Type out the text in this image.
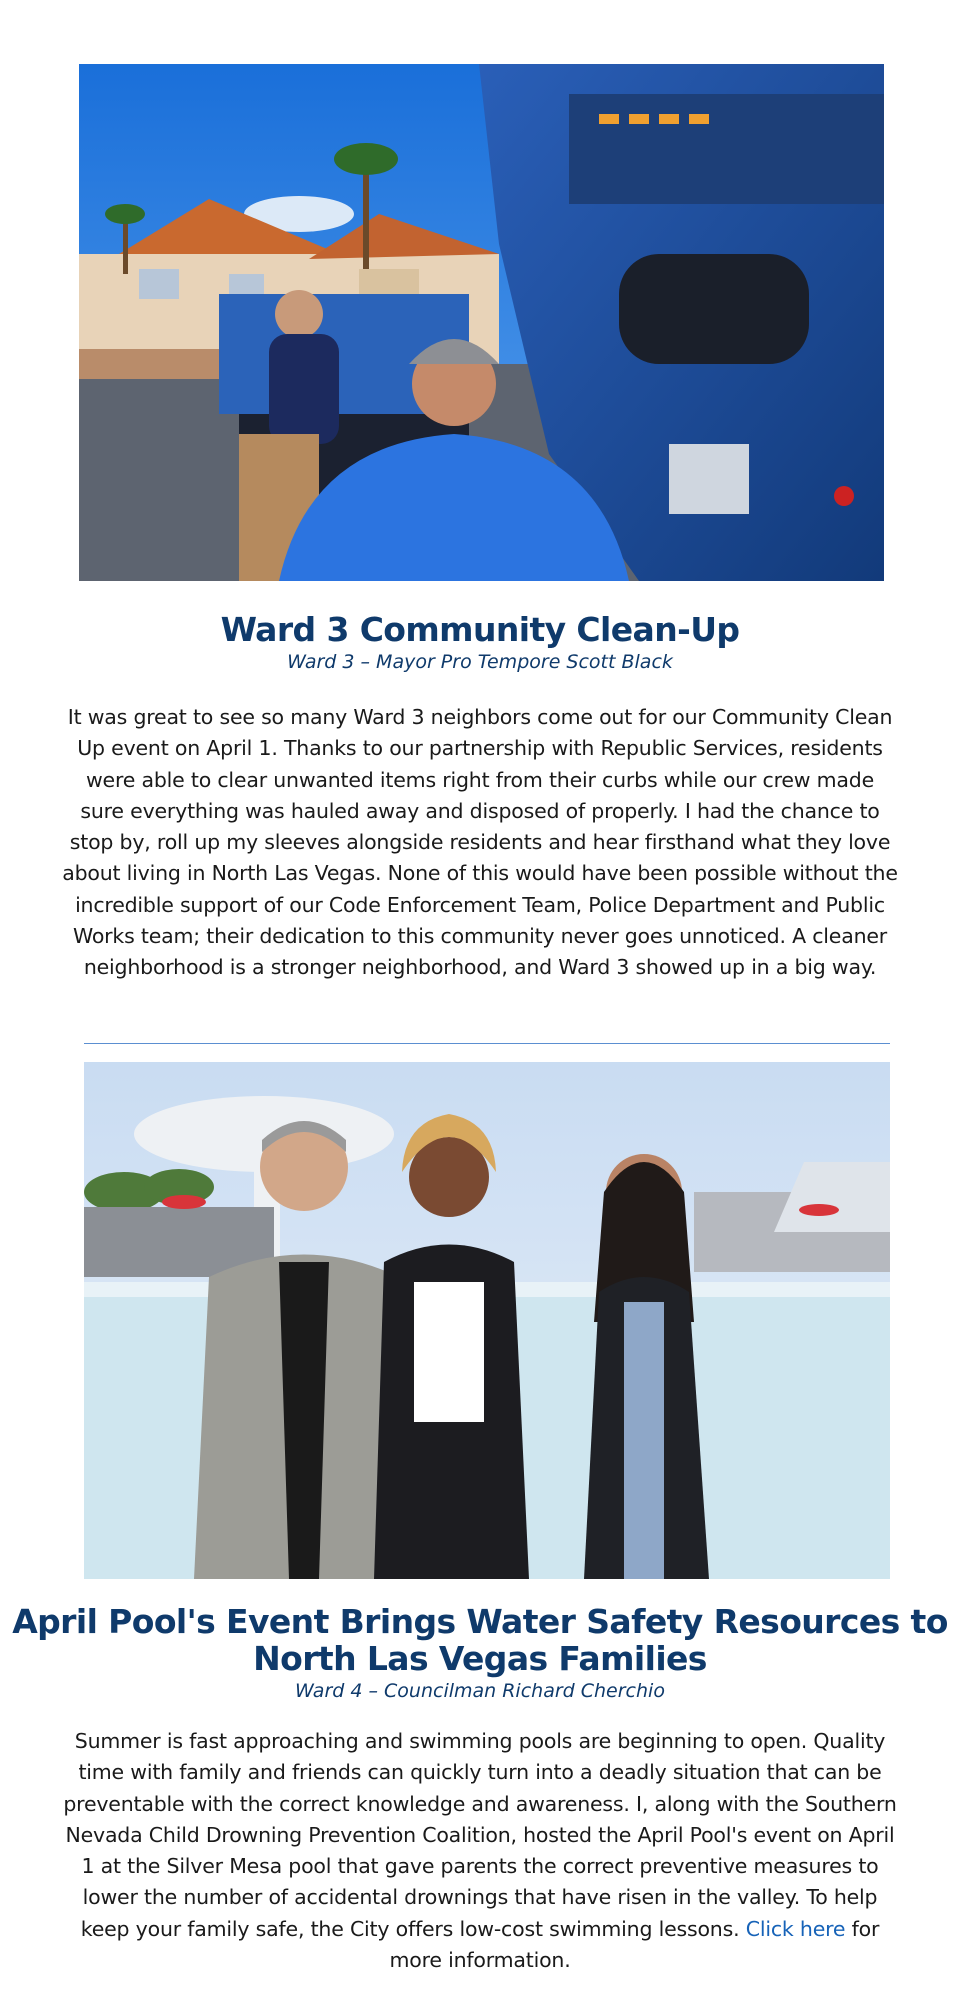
Ward 3 Community Clean-Up
Ward 3 – Mayor Pro Tempore Scott Black

It was great to see so many Ward 3 neighbors come out for our Community Clean Up event on April 1. Thanks to our partnership with Republic Services, residents were able to clear unwanted items right from their curbs while our crew made sure everything was hauled away and disposed of properly. I had the chance to stop by, roll up my sleeves alongside residents and hear firsthand what they love about living in North Las Vegas. None of this would have been possible without the incredible support of our Code Enforcement Team, Police Department and Public Works team; their dedication to this community never goes unnoticed. A cleaner neighborhood is a stronger neighborhood, and Ward 3 showed up in a big way.

April Pool's Event Brings Water Safety Resources to
North Las Vegas Families
Ward 4 – Councilman Richard Cherchio

Summer is fast approaching and swimming pools are beginning to open. Quality time with family and friends can quickly turn into a deadly situation that can be preventable with the correct knowledge and awareness. I, along with the Southern Nevada Child Drowning Prevention Coalition, hosted the April Pool's event on April 1 at the Silver Mesa pool that gave parents the correct preventive measures to lower the number of accidental drownings that have risen in the valley. To help keep your family safe, the City offers low-cost swimming lessons. Click here for more information.
